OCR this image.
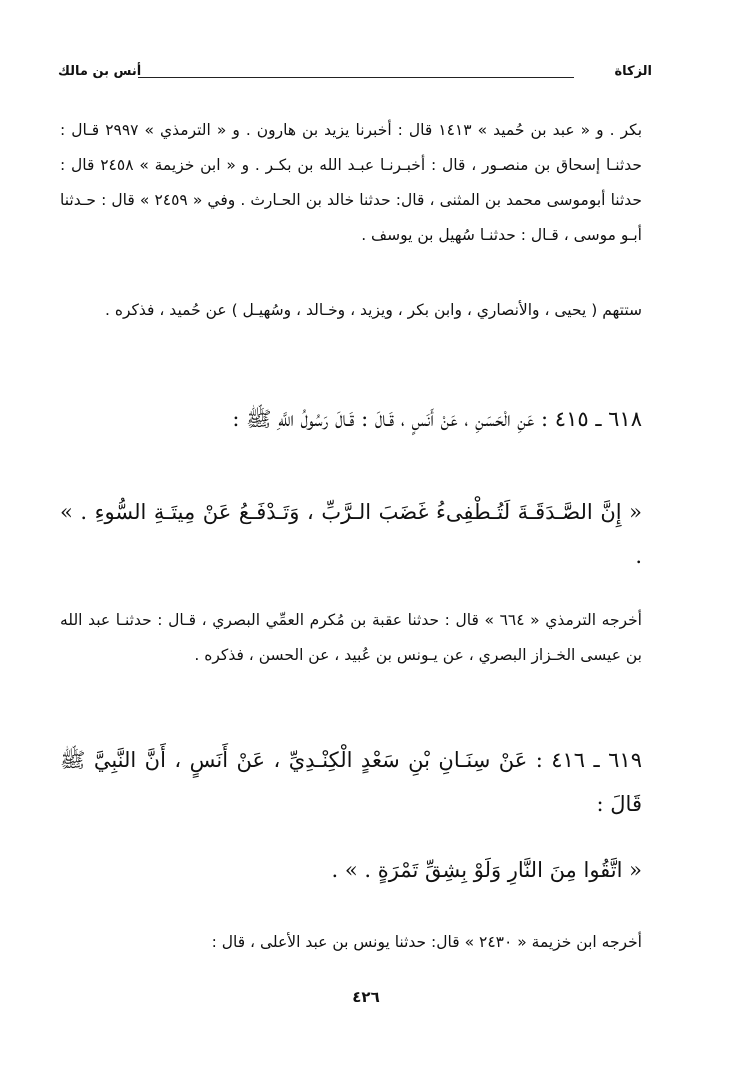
الزكاة
أنس بن مالك

بكر . و « عبد بن حُميد » ١٤١٣ قال : أخبرنا يزيد بن هارون . و « الترمذي » ٢٩٩٧ قـال : حدثنـا إسحاق بن منصـور ، قال : أخبـرنـا عبـد الله بن بكـر . و « ابن خزيمة » ٢٤٥٨ قال : حدثنا أبوموسى محمد بن المثنى ، قال: حدثنا خالد بن الحـارث . وفي « ٢٤٥٩ » قال : حـدثنا أبـو موسى ، قـال : حدثنـا سُهيل بن يوسف .

ستتهم ( يحيى ، والأنصاري ، وابن بكر ، ويزيد ، وخـالد ، وسُهيـل ) عن حُميد ، فذكره .

٦١٨ ـ ٤١٥ : عَنِ الْحَسَنِ ، عَنْ أَنَسٍ ، قَـالَ : قَـالَ رَسُولُ اللَّهِ ﷺ :

« إِنَّ الصَّـدَقَـةَ لَتُـطْفِىءُ غَضَبَ الـرَّبِّ ، وَتَـدْفَـعُ عَنْ مِيتَـةِ السُّوءِ . » .

أخرجه الترمذي « ٦٦٤ » قال : حدثنا عقبة بن مُكرم العمِّي البصري ، قـال : حدثنـا عبد الله بن عيسى الخـزاز البصري ، عن يـونس بن عُبيد ، عن الحسن ، فذكره .

٦١٩ ـ ٤١٦ : عَنْ سِنَـانِ بْنِ سَعْدٍ الْكِنْـدِيِّ ، عَنْ أَنَسٍ ، أَنَّ النَّبِيَّ ﷺ قَالَ :

« اتَّقُوا مِنَ النَّارِ وَلَوْ بِشِقِّ تَمْرَةٍ . » .

أخرجه ابن خزيمة « ٢٤٣٠ » قال: حدثنا يونس بن عبد الأعلى ، قال :

٤٢٦
